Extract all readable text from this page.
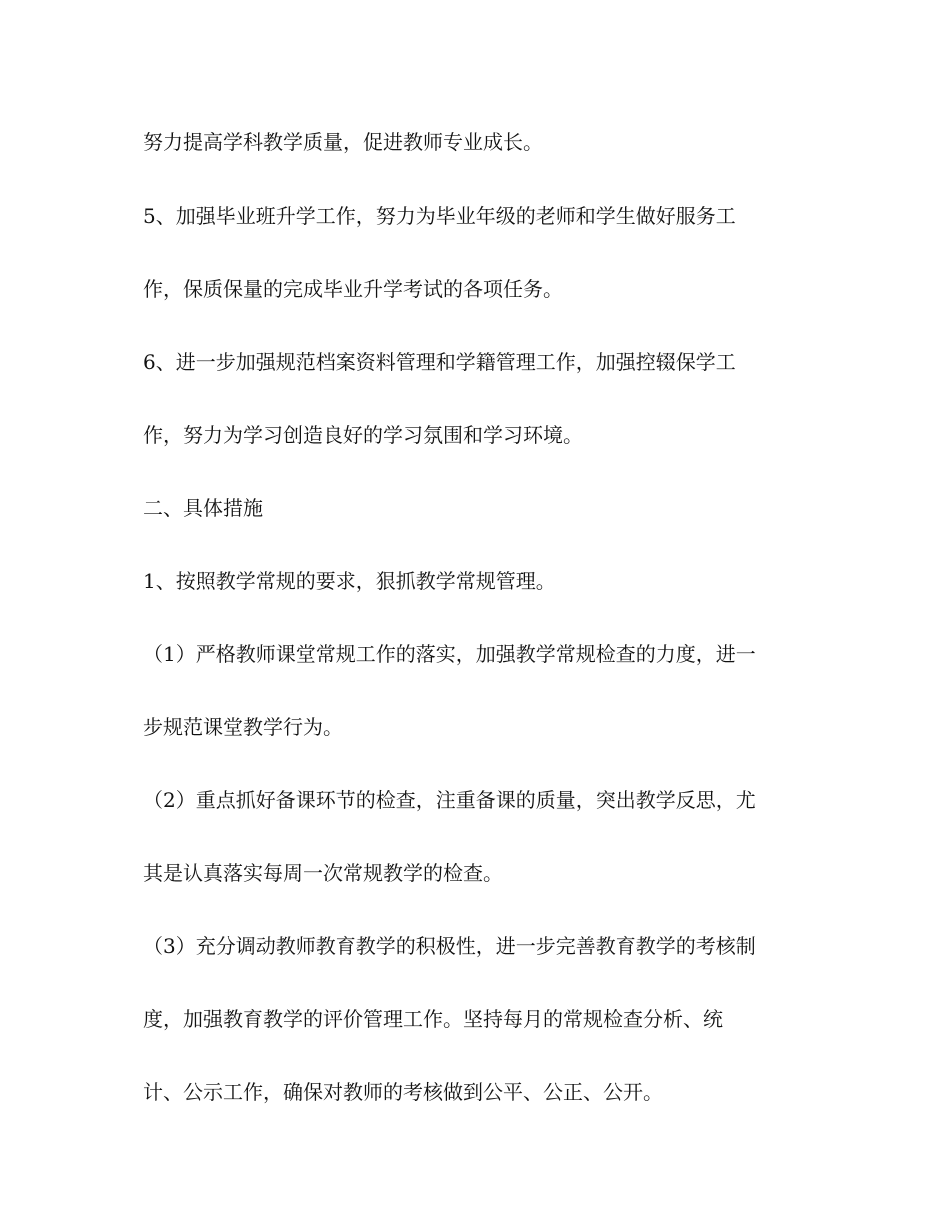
努力提高学科教学质量，促进教师专业成长。

5、加强毕业班升学工作，努力为毕业年级的老师和学生做好服务工

作，保质保量的完成毕业升学考试的各项任务。

6、进一步加强规范档案资料管理和学籍管理工作，加强控辍保学工

作，努力为学习创造良好的学习氛围和学习环境。

二、具体措施

1、按照教学常规的要求，狠抓教学常规管理。

（1）严格教师课堂常规工作的落实，加强教学常规检查的力度，进一

步规范课堂教学行为。

（2）重点抓好备课环节的检查，注重备课的质量，突出教学反思，尤

其是认真落实每周一次常规教学的检查。

（3）充分调动教师教育教学的积极性，进一步完善教育教学的考核制

度，加强教育教学的评价管理工作。坚持每月的常规检查分析、统

计、公示工作，确保对教师的考核做到公平、公正、公开。
